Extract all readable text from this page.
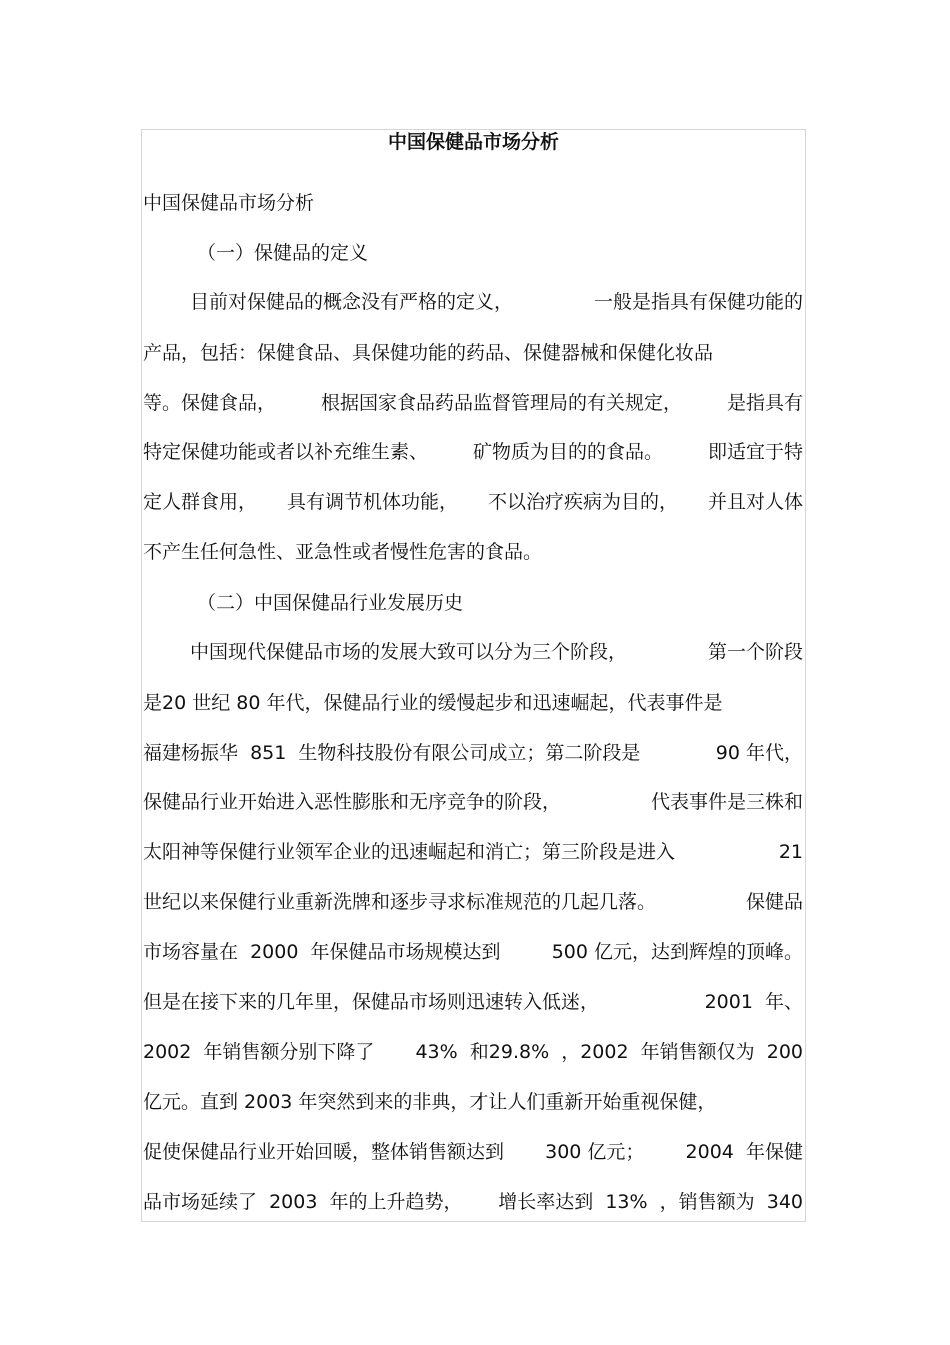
中国保健品市场分析

中国保健品市场分析

（一）保健品的定义

目前对保健品的概念没有严格的定义，	一般是指具有保健功能的

产品，包括：保健食品、具保健功能的药品、保健器械和保健化妆品

等。保健食品， 根据国家食品药品监督管理局的有关规定， 是指具有

特定保健功能或者以补充维生素、 矿物质为目的的食品。 即适宜于特

定人群食用， 具有调节机体功能， 不以治疗疾病为目的， 并且对人体

不产生任何急性、亚急性或者慢性危害的食品。

（二）中国保健品行业发展历史

中国现代保健品市场的发展大致可以分为三个阶段，	第一个阶段

是20 世纪 80 年代，保健品行业的缓慢起步和迅速崛起，代表事件是

福建杨振华  851  生物科技股份有限公司成立；第二阶段是	90 年代，

保健品行业开始进入恶性膨胀和无序竞争的阶段，	代表事件是三株和

太阳神等保健行业领军企业的迅速崛起和消亡；第三阶段是进入	21

世纪以来保健行业重新洗牌和逐步寻求标准规范的几起几落。	保健品

市场容量在  2000  年保健品市场规模达到	500 亿元，达到辉煌的顶峰。

但是在接下来的几年里，保健品市场则迅速转入低迷，	2001  年、

2002  年销售额分别下降了 43%  和29.8%  ，2002  年销售额仅为  200

亿元。直到 2003 年突然到来的非典，才让人们重新开始重视保健，

促使保健品行业开始回暖，整体销售额达到 300 亿元； 2004  年保健

品市场延续了  2003  年的上升趋势， 增长率达到  13%  ，销售额为  340
